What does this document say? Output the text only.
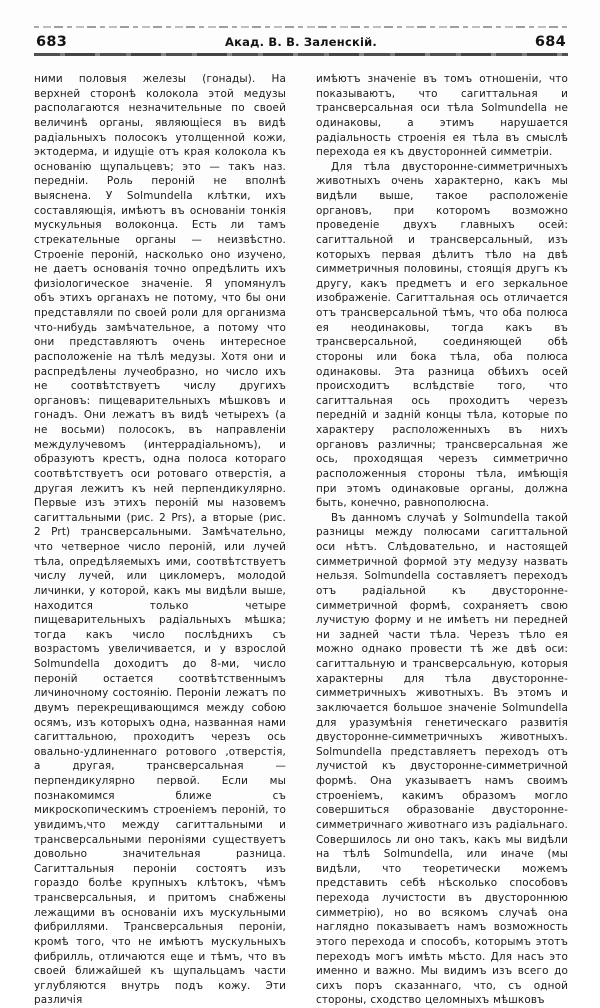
683	Акад. В. В. Заленскій.	684

ними половыя железы (гонады). На верхней сторонѣ колокола этой медузы располагаются незначительные по своей величинѣ органы, являющіеся въ видѣ радіальныхъ полосокъ утолщенной кожи, эктодерма, и идущіе отъ края колокола къ основанію щупальцевъ; это — такъ наз. передніи. Роль пероній не вполнѣ выяснена. У Solmundella клѣтки, ихъ составляющія, имѣютъ въ основаніи тонкія мускульныя волоконца. Есть ли тамъ стрекательные органы — неизвѣстно. Строеніе пероній, насколько оно изучено, не даетъ основанія точно опредѣлить ихъ физіологическое значеніе. Я упомянулъ объ этихъ органахъ не потому, что бы они представляли по своей роли для организма что-нибудь замѣчательное, а потому что они представляютъ очень интересное расположеніе на тѣлѣ медузы. Хотя они и распредѣлены лучеобразно, но число ихъ не соотвѣтствуетъ числу другихъ органовъ: пищеварительныхъ мѣшковъ и гонадъ. Они лежатъ въ видѣ четырехъ (а не восьми) полосокъ, въ направленіи междулучевомъ (интеррадіальномъ), и образуютъ крестъ, одна полоса котораго соотвѣтствуетъ оси ротоваго отверстія, а другая лежитъ къ ней перпендикулярно. Первые изъ этихъ пероній мы назовемъ сагиттальными (рис. 2 Prs), а вторые (рис. 2 Prt) трансверсальными. Замѣчательно, что четверное число пероній, или лучей тѣла, опредѣляемыхъ ими, соотвѣтствуетъ числу лучей, или цикломеръ, молодой личинки, у которой, какъ мы видѣли выше, находится только четыре пищеварительныхъ радіальныхъ мѣшка; тогда какъ число послѣднихъ съ возрастомъ увеличивается, и у взрослой Solmundella доходитъ до 8-ми, число пероній остается соотвѣтственнымъ личиночному состоянію. Пероніи лежатъ по двумъ перекрещивающимся между собою осямъ, изъ которыхъ одна, названная нами сагиттальною, проходитъ черезъ ось овально-удлиненнаго ротового ,отверстія, а другая, трансверсальная — перпендикулярно первой. Если мы познакомимся ближе съ микроскопическимъ строеніемъ пероній, то увидимъ,что между сагиттальными и трансверсальными пероніями существуетъ довольно значительная разница. Сагиттальныя пероніи состоятъ изъ гораздо болѣе крупныхъ клѣтокъ, чѣмъ трансверсальныя, и притомъ снабжены лежащими въ основаніи ихъ мускульными фибриллями. Трансверсальныя пероніи, кромѣ того, что не имѣютъ мускульныхъ фибрилль, отличаются еще и тѣмъ, что въ своей ближайшей къ щупальцамъ части углубляются внутрь подъ кожу. Эти различія

имѣютъ значеніе въ томъ отношеніи, что показываютъ, что сагиттальная и трансверсальная оси тѣла Solmundella не одинаковы, а этимъ нарушается радіальность строенія ея тѣла въ смыслѣ перехода ея къ двусторонней симметріи.

Для тѣла двусторонне-симметричныхъ животныхъ очень характерно, какъ мы видѣли выше, такое расположеніе органовъ, при которомъ возможно проведеніе двухъ главныхъ осей: сагиттальной и трансверсальный, изъ которыхъ первая дѣлитъ тѣло на двѣ симметричныя половины, стоящія другъ къ другу, какъ предметъ и его зеркальное изображеніе. Сагиттальная ось отличается отъ трансверсальной тѣмъ, что оба полюса ея неодинаковы, тогда какъ въ трансверсальной, соединяющей обѣ стороны или бока тѣла, оба полюса одинаковы. Эта разница обѣихъ осей происходитъ вслѣдствіе того, что сагиттальная ось проходитъ черезъ передній и задній концы тѣла, которые по характеру расположенныхъ въ нихъ органовъ различны; трансверсальная же ось, проходящая черезъ симметрично расположенныя стороны тѣла, имѣющія при этомъ одинаковые органы, должна быть, конечно, равнополюсна.

Въ данномъ случаѣ у Solmundella такой разницы между полюсами сагиттальной оси нѣтъ. Слѣдовательно, и настоящей симметричной формой эту медузу назвать нельзя. Solmundella составляетъ переходъ отъ радіальной къ двусторонне-симметричной формѣ, сохраняетъ свою лучистую форму и не имѣетъ ни передней ни задней части тѣла. Черезъ тѣло ея можно однако провести тѣ же двѣ оси: сагиттальную и трансверсальную, которыя характерны для тѣла двусторонне-симметричныхъ животныхъ. Въ этомъ и заключается большое значеніе Solmundella для уразумѣнія генетическаго развитія двусторонне-симметричныхъ животныхъ. Solmundella представляетъ переходъ отъ лучистой къ двусторонне-симметричной формѣ. Она указываетъ намъ своимъ строеніемъ, какимъ образомъ могло совершиться образованіе двусторонне-симметричнаго животнаго изъ радіальнаго. Совершилось ли оно такъ, какъ мы видѣли на тѣлѣ Solmundella, или иначе (мы видѣли, что теоретически можемъ представить себѣ нѣсколько способовъ перехода лучистости въ двустороннюю симметрію), но во всякомъ случаѣ она наглядно показываетъ намъ возможность этого перехода и способъ, которымъ этотъ переходъ могъ имѣть мѣсто. Для насъ это именно и важно. Мы видимъ изъ всего до сихъ поръ сказаннаго, что, съ одной стороны, сходство целомныхъ мѣшковъ
